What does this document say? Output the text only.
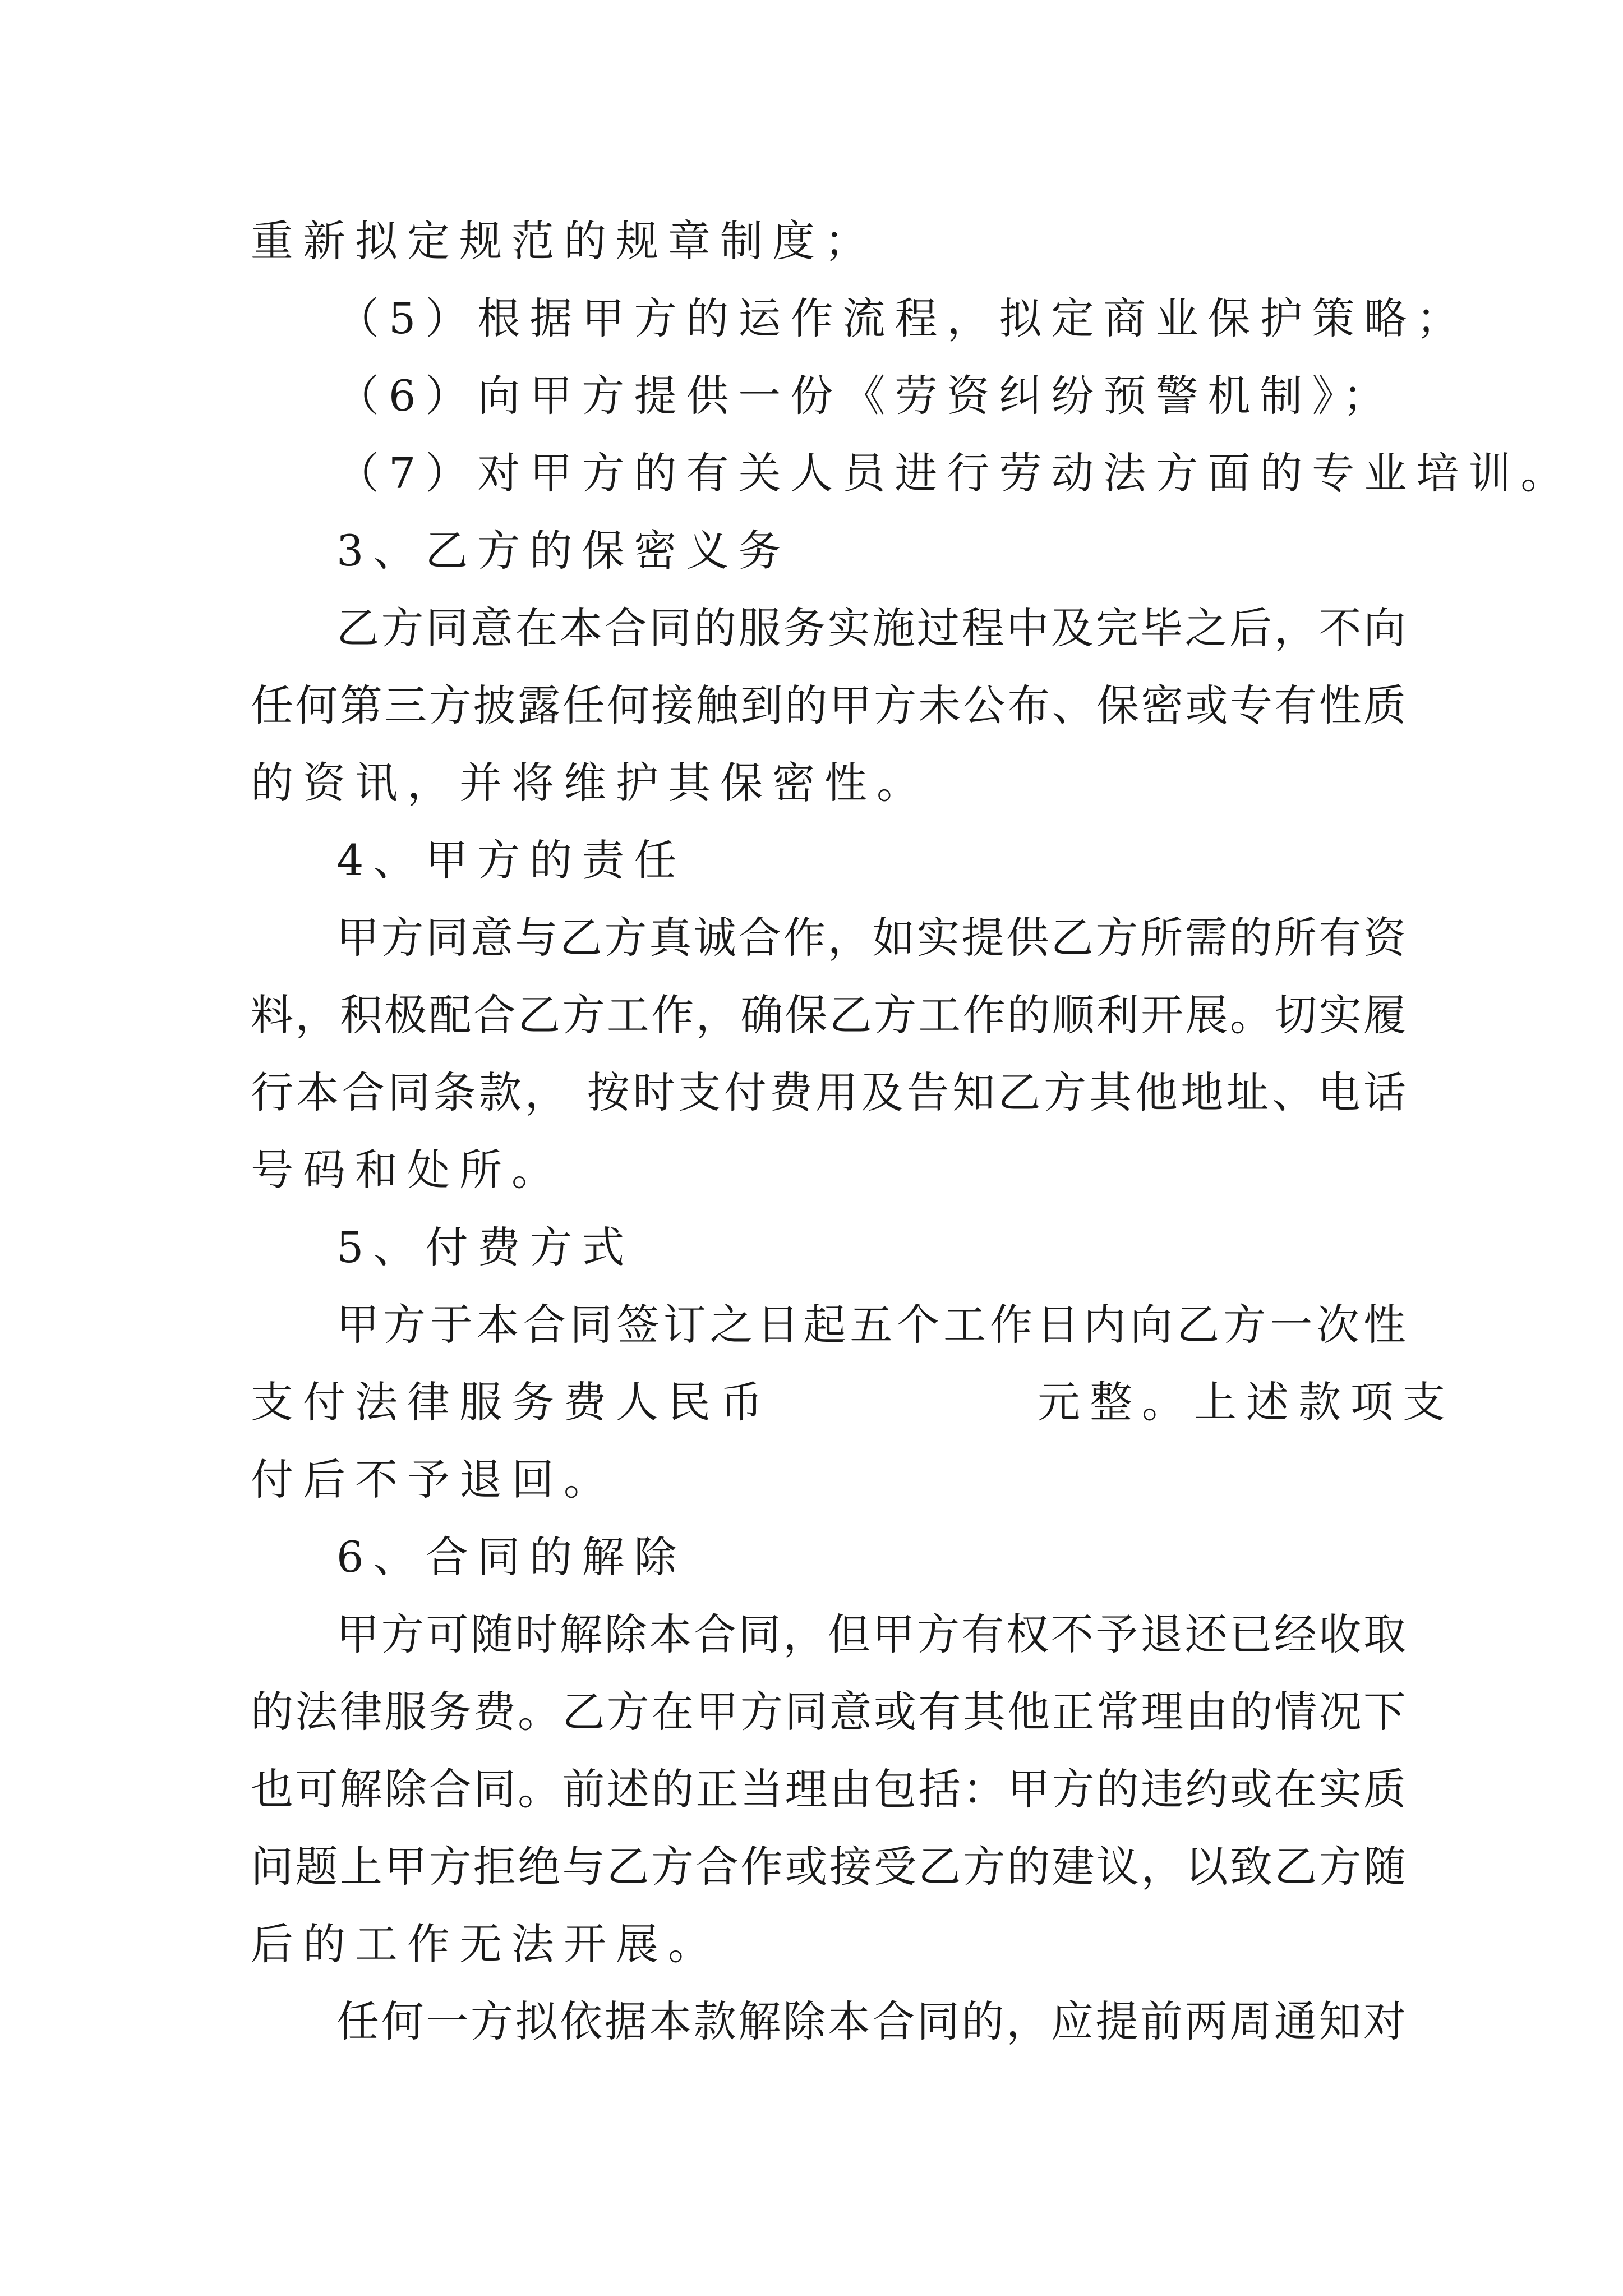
重新拟定规范的规章制度；
（5）根据甲方的运作流程，拟定商业保护策略；
（6）向甲方提供一份《劳资纠纷预警机制》；
（7）对甲方的有关人员进行劳动法方面的专业培训。
3、乙方的保密义务
乙方同意在本合同的服务实施过程中及完毕之后，不向
任何第三方披露任何接触到的甲方未公布、保密或专有性质
的资讯，并将维护其保密性。
4、甲方的责任
甲方同意与乙方真诚合作，如实提供乙方所需的所有资
料，积极配合乙方工作，确保乙方工作的顺利开展。切实履
行本合同条款， 按时支付费用及告知乙方其他地址、电话
号码和处所。
5、付费方式
甲方于本合同签订之日起五个工作日内向乙方一次性
支付法律服务费人民币	元整。上述款项支
付后不予退回。
6、合同的解除
甲方可随时解除本合同，但甲方有权不予退还已经收取
的法律服务费。乙方在甲方同意或有其他正常理由的情况下
也可解除合同。前述的正当理由包括：甲方的违约或在实质
问题上甲方拒绝与乙方合作或接受乙方的建议，以致乙方随
后的工作无法开展。
任何一方拟依据本款解除本合同的，应提前两周通知对
